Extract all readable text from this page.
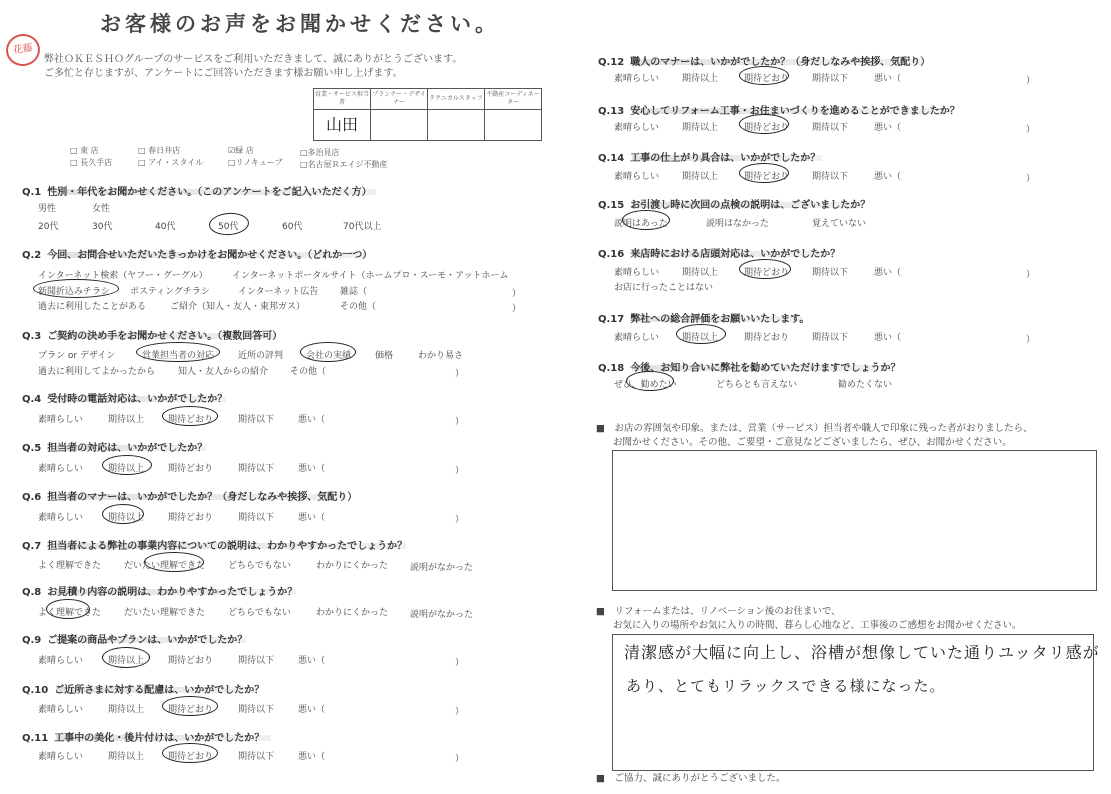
花藤
お客様のお声をお聞かせください。
弊社ＯＫＥＳＨＯグループのサービスをご利用いただきまして、誠にありがとうございます。
ご多忙と存じますが、アンケートにご回答いただきます様お願い申し上げます。
営業・サービス担当者	プランナー・デザイナー	テクニカルスタッフ	不動産コーディネーター
山田			
□ 東 店	□ 春日井店	☑緑 店	□多治見店
□ 長久手店	□ アイ・スタイル	□リノキューブ □名古屋Ｒエイジ不動産
Q.1 性別・年代をお聞かせください。（このアンケートをご記入いただく方）
Q.2 今回、お問合せいただいたきっかけをお聞かせください。（どれか一つ）
Q.3 ご契約の決め手をお聞かせください。（複数回答可）
Q.4 受付時の電話対応は、いかがでしたか？
Q.5 担当者の対応は、いかがでしたか？
Q.6 担当者のマナーは、いかがでしたか？（身だしなみや挨拶、気配り）
Q.7 担当者による弊社の事業内容についての説明は、わかりやすかったでしょうか？
Q.8 お見積り内容の説明は、わかりやすかったでしょうか？
Q.9 ご提案の商品やプランは、いかがでしたか？
Q.10 ご近所さまに対する配慮は、いかがでしたか？
Q.11 工事中の美化・後片付けは、いかがでしたか？
男性	女性
20代	30代	40代	50代	60代	70代以上
インターネット検索（ヤフー・グーグル）	インターネットポータルサイト（ホームプロ・スーモ・アットホーム
新聞折込みチラシ ポスティングチラシ	インターネット広告 雑誌（	）
過去に利用したことがある	ご紹介（知人・友人・東邦ガス）	その他（	）
プラン or デザイン	営業担当者の対応	近所の評判	会社の実績	価格	わかり易さ
過去に利用してよかったから	知人・友人からの紹介 その他（	）
素晴らしい	期待以上	期待どおり	期待以下	悪い（	）
素晴らしい	期待以上	期待どおり	期待以下	悪い（	）
素晴らしい	期待以上	期待どおり	期待以下	悪い（	）
よく理解できた	だいたい理解できた	どちらでもない	わかりにくかった 説明がなかった
よく理解できた	だいたい理解できた	どちらでもない	わかりにくかった 説明がなかった
素晴らしい	期待以上	期待どおり	期待以下	悪い（	）
素晴らしい	期待以上	期待どおり	期待以下	悪い（	）
素晴らしい	期待以上	期待どおり	期待以下	悪い（	）
Q.12 職人のマナーは、いかがでしたか？（身だしなみや挨拶、気配り）
素晴らしい	期待以上	期待どおり	期待以下	悪い（	）
Q.13 安心してリフォーム工事・お住まいづくりを進めることができましたか？
素晴らしい	期待以上	期待どおり	期待以下	悪い（	）
Q.14 工事の仕上がり具合は、いかがでしたか？
素晴らしい	期待以上	期待どおり	期待以下	悪い（	）
Q.15 お引渡し時に次回の点検の説明は、ございましたか？
説明はあった	説明はなかった	覚えていない
Q.16 来店時における店頭対応は、いかがでしたか？
素晴らしい	期待以上	期待どおり	期待以下	悪い（	）
お店に行ったことはない
Q.17 弊社への総合評価をお願いいたします。
素晴らしい	期待以上	期待どおり	期待以下	悪い（	）
Q.18 今後、お知り合いに弊社を勧めていただけますでしょうか？
ぜひ、勧めたい	どちらとも言えない	勧めたくない
■　お店の雰囲気や印象。または、営業（サービス）担当者や職人で印象に残った者がおりましたら、
お聞かせください。その他、ご要望・ご意見などございましたら、ぜひ、お聞かせください。
■　リフォームまたは、リノベーション後のお住まいで、
お気に入りの場所やお気に入りの時間、暮らし心地など、工事後のご感想をお聞かせください。
清潔感が大幅に向上し、浴槽が想像していた通りユッタリ感が
あり、とてもリラックスできる様になった。
■　ご協力、誠にありがとうございました。
